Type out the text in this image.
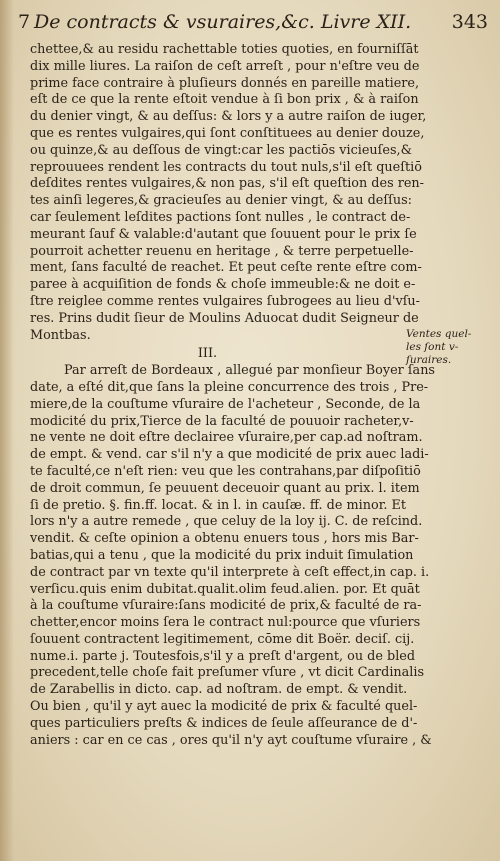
7 De contracts & vsuraires,&c. Livre XII. 343
chettee,& au residu rachettable toties quoties, en fourniſſāt
dix mille liures. La raiſon de ceſt arreſt , pour n'eſtre veu de
prime face contraire à pluſieurs donnés en pareille matiere,
eſt de ce que la rente eſtoit vendue à ſi bon prix , & à raiſon
du denier vingt, & au deſſus: & lors y a autre raiſon de iuger,
que es rentes vulgaires,qui ſont conſtituees au denier douze,
ou quinze,& au deſſous de vingt:car les pactiōs vicieuſes,&
reprouuees rendent les contracts du tout nuls,s'il eſt queſtiō
deſdites rentes vulgaires,& non pas, s'il eſt queſtion des ren-
tes ainſi legeres,& gracieuſes au denier vingt, & au deſſus:
car ſeulement leſdites pactions ſont nulles , le contract de-
meurant ſauf & valable:d'autant que ſouuent pour le prix ſe
pourroit achetter reuenu en heritage , & terre perpetuelle-
ment, ſans faculté de reachet. Et peut ceſte rente eſtre com-
paree à acquiſition de fonds & choſe immeuble:& ne doit e-
ſtre reiglee comme rentes vulgaires ſubrogees au lieu d'vſu-
res. Prins dudit ſieur de Moulins Aduocat dudit Seigneur de
Montbas.
III.
Par arreſt de Bordeaux , allegué par monſieur Boyer ſans
date, a eſté dit,que ſans la pleine concurrence des trois , Pre-
miere,de la couſtume vſuraire de l'acheteur , Seconde, de la
modicité du prix,Tierce de la faculté de pouuoir racheter,v-
ne vente ne doit eſtre declairee vſuraire,per cap.ad noſtram.
de empt. & vend. car s'il n'y a que modicité de prix auec ladi-
te faculté,ce n'eſt rien: veu que les contrahans,par diſpoſitiō
de droit commun, ſe peuuent deceuoir quant au prix. l. item
ſi de pretio. §. fin.ff. locat. & in l. in cauſæ. ff. de minor. Et
lors n'y a autre remede , que celuy de la loy ij. C. de reſcind.
vendit. & ceſte opinion a obtenu enuers tous , hors mis Bar-
batias,qui a tenu , que la modicité du prix induit ſimulation
de contract par vn texte qu'il interprete à ceſt effect,in cap. i.
verſicu.quis enim dubitat.qualit.olim feud.alien. por. Et quāt
à la couſtume vſuraire:ſans modicité de prix,& faculté de ra-
chetter,encor moins ſera le contract nul:pource que vſuriers
ſouuent contractent legitimement, cōme dit Boër. deciſ. cij.
nume.i. parte j. Toutesfois,s'il y a preſt d'argent, ou de bled
precedent,telle choſe fait preſumer vſure , vt dicit Cardinalis
de Zarabellis in dicto. cap. ad noſtram. de empt. & vendit.
Ou bien , qu'il y ayt auec la modicité de prix & faculté quel-
ques particuliers preſts & indices de ſeule aſſeurance de d'-
aniers : car en ce cas , ores qu'il n'y ayt couſtume vſuraire , &
Ventes quel-
les ſont v-
ſuraires.
